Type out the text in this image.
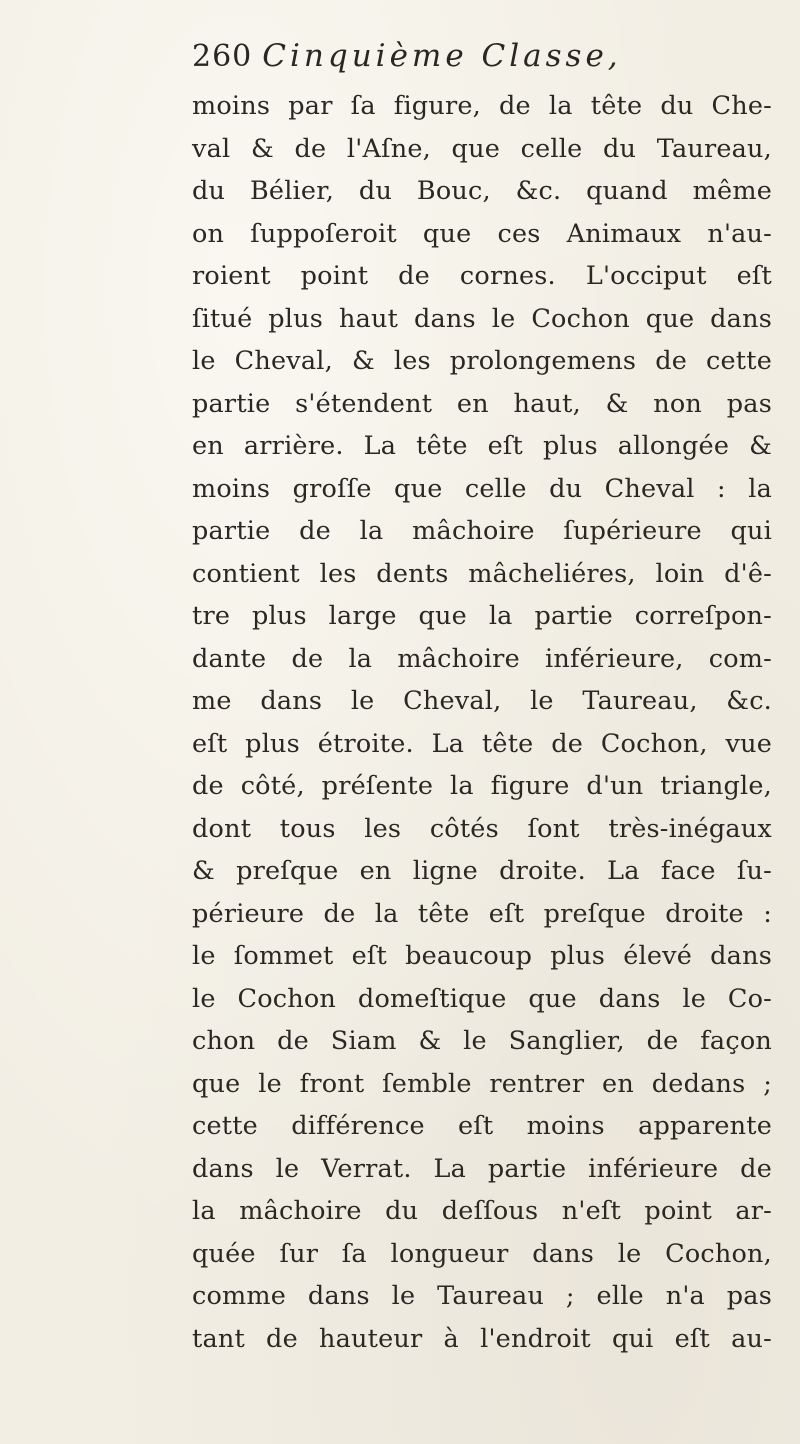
260 Cinquième Classe,
moins par ſa figure, de la tête du Che-
val & de l'Aſne, que celle du Taureau,
du Bélier, du Bouc, &c. quand même
on ſuppoſeroit que ces Animaux n'au-
roient point de cornes. L'occiput eſt
ſitué plus haut dans le Cochon que dans
le Cheval, & les prolongemens de cette
partie s'étendent en haut, & non pas
en arrière. La tête eſt plus allongée &
moins groſſe que celle du Cheval : la
partie de la mâchoire ſupérieure qui
contient les dents mâcheliéres, loin d'ê-
tre plus large que la partie correſpon-
dante de la mâchoire inférieure, com-
me dans le Cheval, le Taureau, &c.
eſt plus étroite. La tête de Cochon, vue
de côté, préſente la figure d'un triangle,
dont tous les côtés ſont très-inégaux
& preſque en ligne droite. La face ſu-
périeure de la tête eſt preſque droite :
le ſommet eſt beaucoup plus élevé dans
le Cochon domeſtique que dans le Co-
chon de Siam & le Sanglier, de façon
que le front ſemble rentrer en dedans ;
cette différence eſt moins apparente
dans le Verrat. La partie inférieure de
la mâchoire du deſſous n'eſt point ar-
quée ſur ſa longueur dans le Cochon,
comme dans le Taureau ; elle n'a pas
tant de hauteur à l'endroit qui eſt au-
